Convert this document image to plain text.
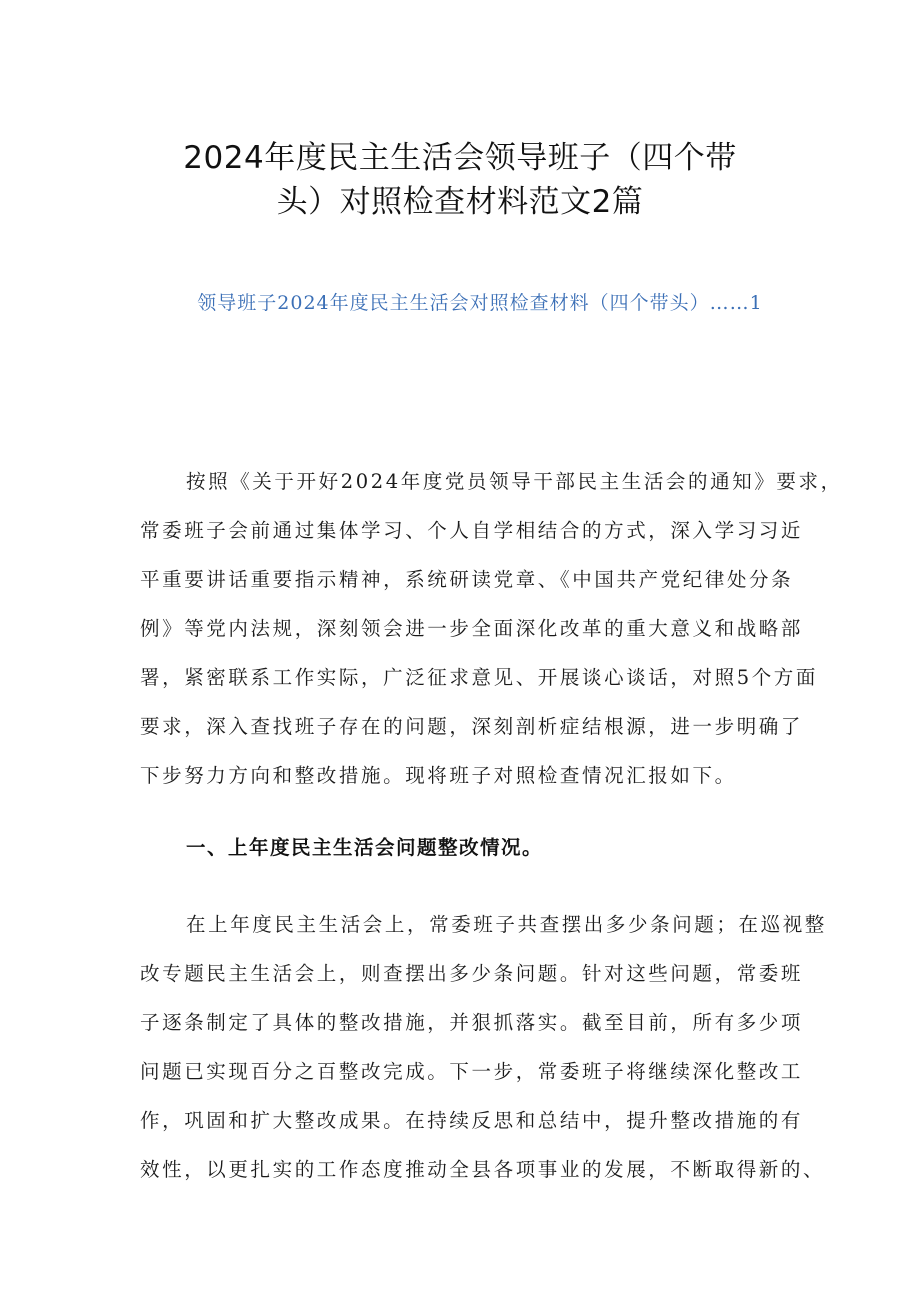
2024年度民主生活会领导班子（四个带
头）对照检查材料范文2篇
领导班子2024年度民主生活会对照检查材料（四个带头）……1
按照《关于开好2024年度党员领导干部民主生活会的通知》要求，
常委班子会前通过集体学习、个人自学相结合的方式，深入学习习近
平重要讲话重要指示精神，系统研读党章、《中国共产党纪律处分条
例》等党内法规，深刻领会进一步全面深化改革的重大意义和战略部
署，紧密联系工作实际，广泛征求意见、开展谈心谈话，对照5个方面
要求，深入查找班子存在的问题，深刻剖析症结根源，进一步明确了
下步努力方向和整改措施。现将班子对照检查情况汇报如下。
一、上年度民主生活会问题整改情况。
在上年度民主生活会上，常委班子共查摆出多少条问题；在巡视整
改专题民主生活会上，则查摆出多少条问题。针对这些问题，常委班
子逐条制定了具体的整改措施，并狠抓落实。截至目前，所有多少项
问题已实现百分之百整改完成。下一步，常委班子将继续深化整改工
作，巩固和扩大整改成果。在持续反思和总结中，提升整改措施的有
效性，以更扎实的工作态度推动全县各项事业的发展，不断取得新的、
